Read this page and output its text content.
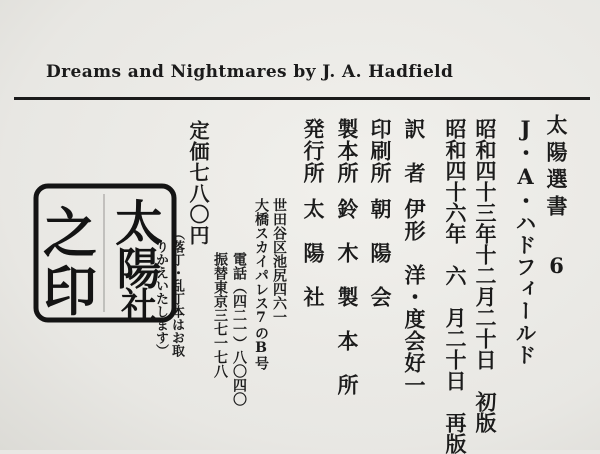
Dreams and Nightmares by J. A. Hadfield
太陽選書 6
J・A・ハドフィールド
昭和四十三年十二月二十日　初版
昭和四十六年　六　月二十日　再版
訳　者伊形　洋・度会好一
印刷所朝　陽　会
製本所鈴　木　製　本　所
発行所太　陽　社
世田谷区池尻四六一
大橋スカイパレス7のB号
電話（四二一）八〇四〇
振替東京三七一七八
定価七八〇円
（落丁・乱丁本はお取
りかえいたします）
太
陽
社
之
印
